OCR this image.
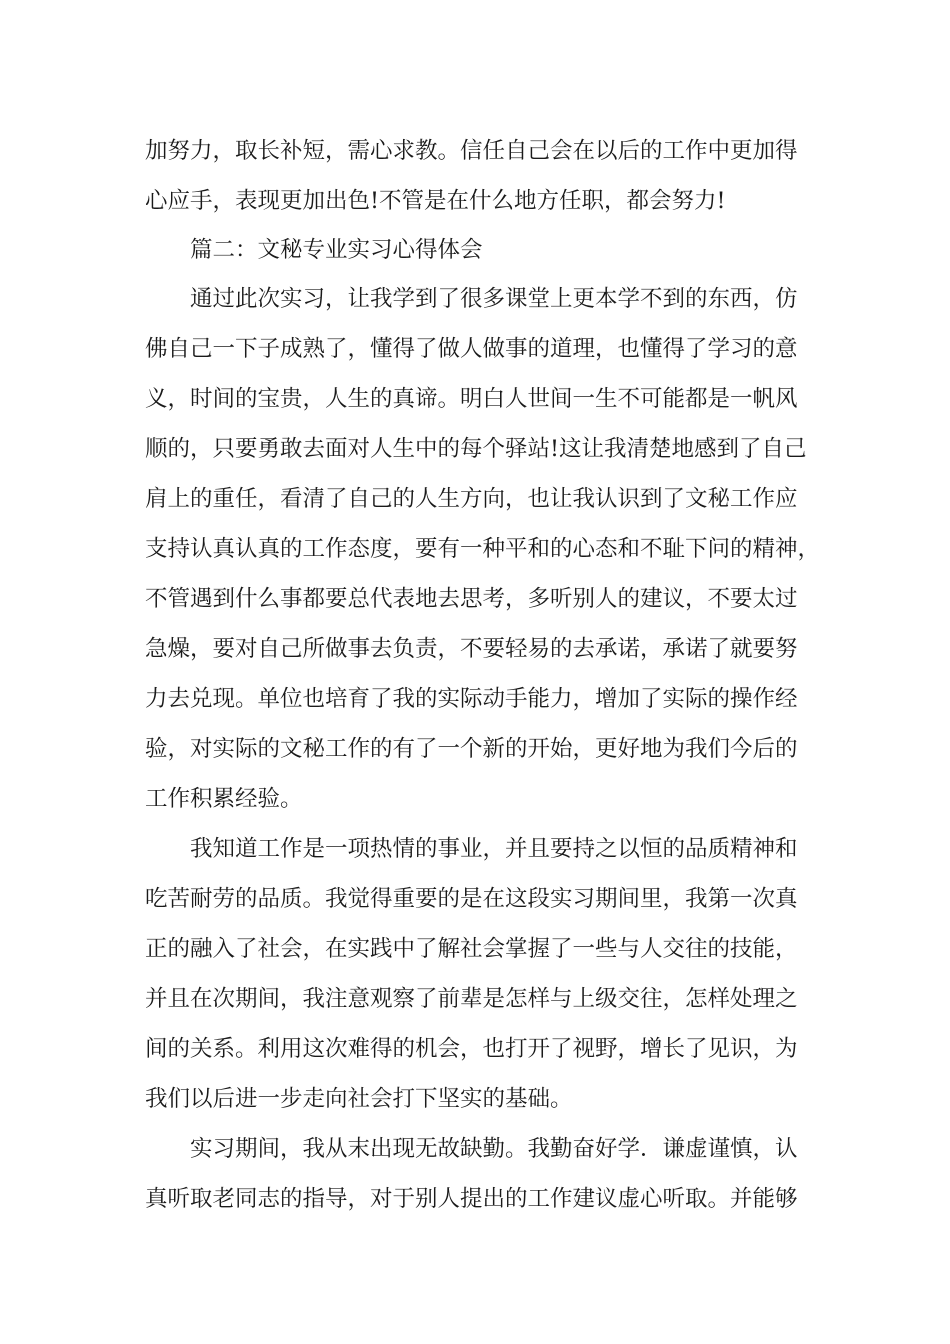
加努力，取长补短，需心求教。信任自己会在以后的工作中更加得

心应手，表现更加出色!不管是在什么地方任职，都会努力!

篇二：文秘专业实习心得体会

通过此次实习，让我学到了很多课堂上更本学不到的东西，仿

佛自己一下子成熟了，懂得了做人做事的道理，也懂得了学习的意

义，时间的宝贵，人生的真谛。明白人世间一生不可能都是一帆风

顺的，只要勇敢去面对人生中的每个驿站!这让我清楚地感到了自己

肩上的重任，看清了自己的人生方向，也让我认识到了文秘工作应

支持认真认真的工作态度，要有一种平和的心态和不耻下问的精神，

不管遇到什么事都要总代表地去思考，多听别人的建议，不要太过

急燥，要对自己所做事去负责，不要轻易的去承诺，承诺了就要努

力去兑现。单位也培育了我的实际动手能力，增加了实际的操作经

验，对实际的文秘工作的有了一个新的开始，更好地为我们今后的

工作积累经验。

我知道工作是一项热情的事业，并且要持之以恒的品质精神和

吃苦耐劳的品质。我觉得重要的是在这段实习期间里，我第一次真

正的融入了社会，在实践中了解社会掌握了一些与人交往的技能，

并且在次期间，我注意观察了前辈是怎样与上级交往，怎样处理之

间的关系。利用这次难得的机会，也打开了视野，增长了见识，为

我们以后进一步走向社会打下坚实的基础。

实习期间，我从末出现无故缺勤。我勤奋好学．谦虚谨慎，认

真听取老同志的指导，对于别人提出的工作建议虚心听取。并能够
